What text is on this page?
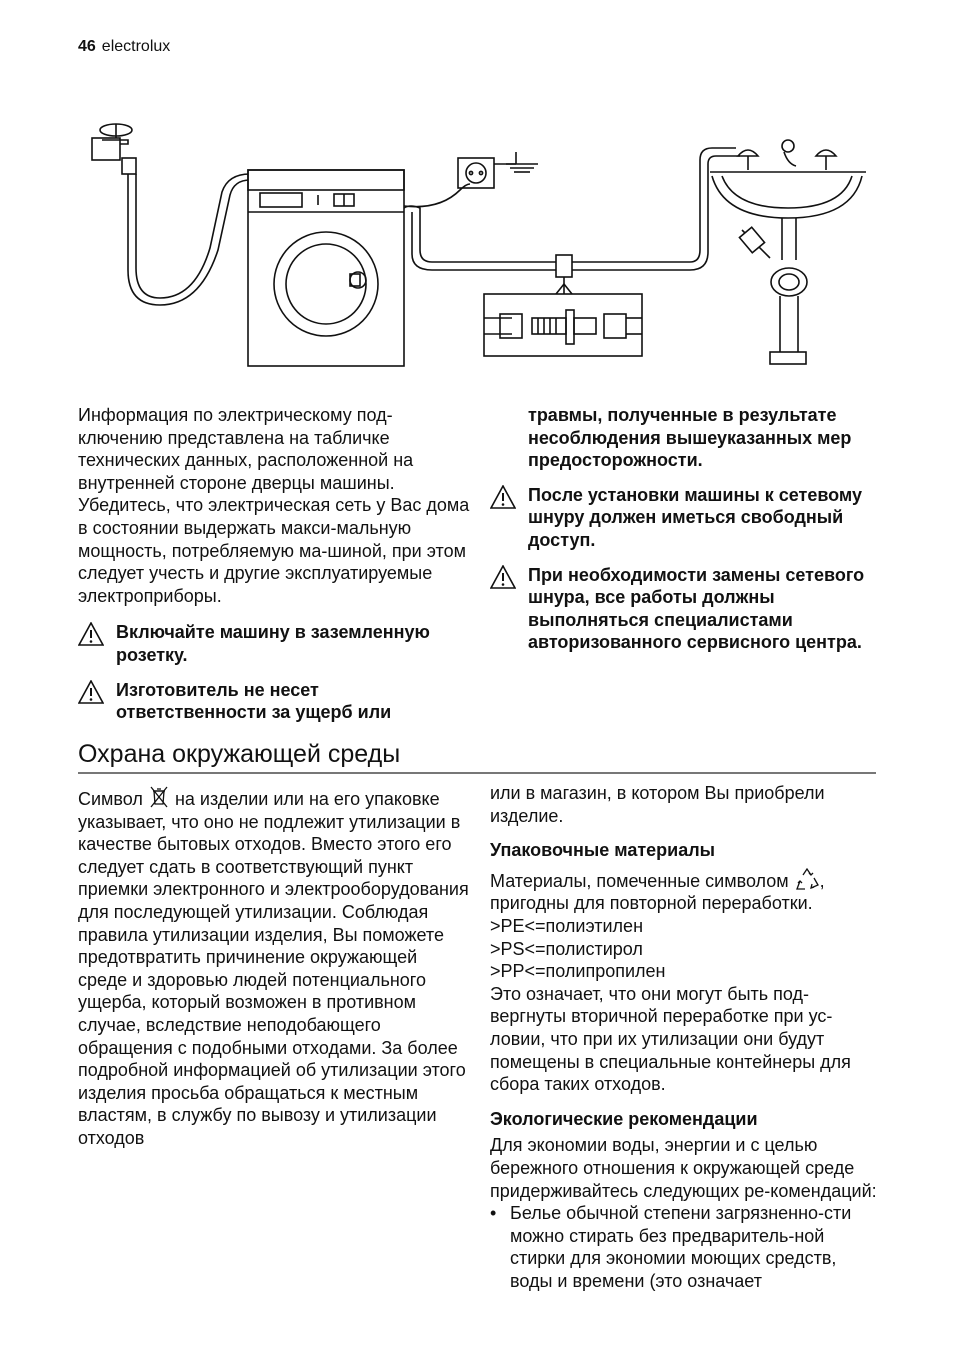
46 electrolux

Информация по электрическому под-ключению представлена на табличке технических данных, расположенной на внутренней стороне дверцы машины. Убедитесь, что электрическая сеть у Вас дома в состоянии выдержать макси-мальную мощность, потребляемую ма-шиной, при этом следует учесть и другие эксплуатируемые электроприборы.

Включайте машину в заземленную розетку.
Изготовитель не несет ответственности за ущерб или

травмы, полученные в результате несоблюдения вышеуказанных мер предосторожности.

После установки машины к сетевому шнуру должен иметься свободный доступ.
При необходимости замены сетевого шнура, все работы должны выполняться специалистами авторизованного сервисного центра.
Охрана окружающей среды

Символ на изделии или на его упаковке указывает, что оно не подлежит утилизации в качестве бытовых отходов. Вместо этого его следует сдать в соответствующий пункт приемки электронного и электрооборудования для последующей утилизации. Соблюдая правила утилизации изделия, Вы поможете предотвратить причинение окружающей среде и здоровью людей потенциального ущерба, который возможен в противном случае, вследствие неподобающего обращения с подобными отходами. За более подробной информацией об утилизации этого изделия просьба обращаться к местным властям, в службу по вывозу и утилизации отходов

или в магазин, в котором Вы приобрели изделие.

Упаковочные материалы

Материалы, помеченные символом , пригодны для повторной переработки.

>PE<=полиэтилен

>PS<=полистирол

>PP<=полипропилен

Это означает, что они могут быть под-вергнуты вторичной переработке при ус-ловии, что при их утилизации они будут помещены в специальные контейнеры для сбора таких отходов.

Экологические рекомендации

Для экономии воды, энергии и с целью бережного отношения к окружающей среде придерживайтесь следующих ре-комендаций:

• Белье обычной степени загрязненно-сти можно стирать без предваритель-ной стирки для экономии моющих средств, воды и времени (это означает
